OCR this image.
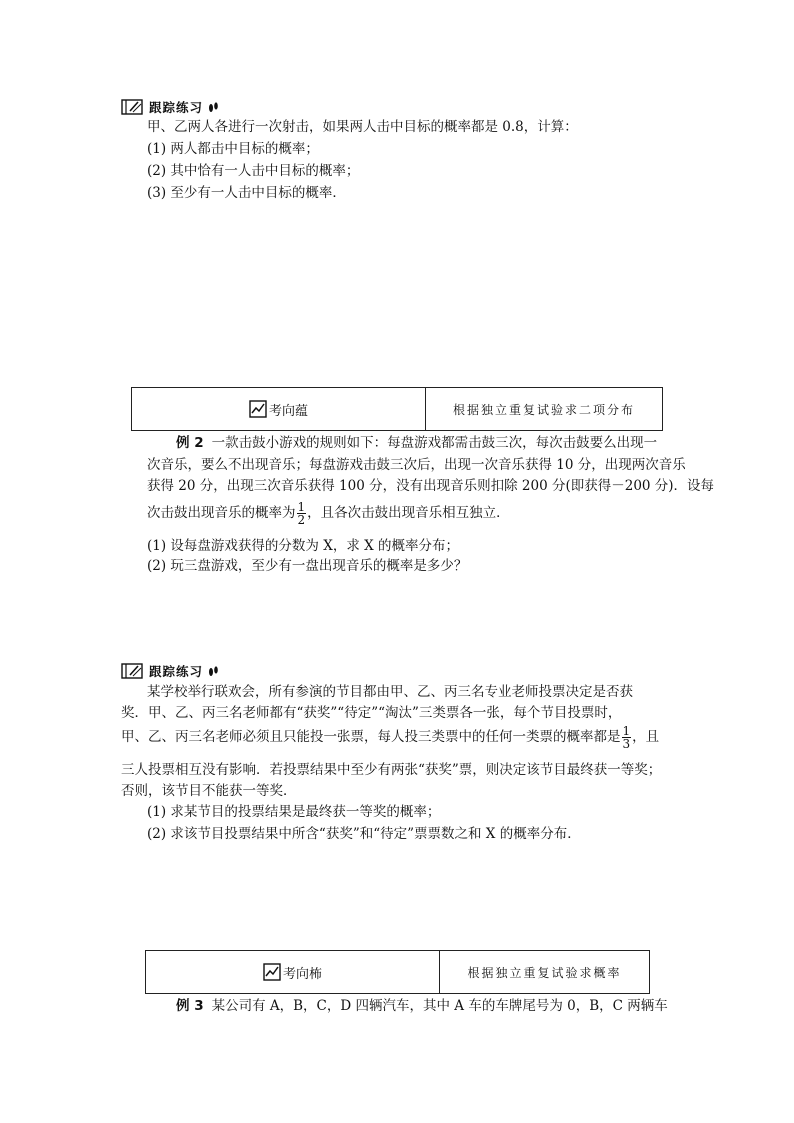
跟踪练习
甲、乙两人各进行一次射击，如果两人击中目标的概率都是 0.8，计算：
(1) 两人都击中目标的概率；
(2) 其中恰有一人击中目标的概率；
(3) 至少有一人击中目标的概率．
考向蕴	根据独立重复试验求二项分布
例 2 一款击鼓小游戏的规则如下：每盘游戏都需击鼓三次，每次击鼓要么出现一
次音乐，要么不出现音乐；每盘游戏击鼓三次后，出现一次音乐获得 10 分，出现两次音乐
获得 20 分，出现三次音乐获得 100 分，没有出现音乐则扣除 200 分(即获得－200 分)．设每
次击鼓出现音乐的概率为 $\frac{1}{2}$ ，且各次击鼓出现音乐相互独立．
(1) 设每盘游戏获得的分数为 X，求 X 的概率分布；
(2) 玩三盘游戏，至少有一盘出现音乐的概率是多少？
跟踪练习
某学校举行联欢会，所有参演的节目都由甲、乙、丙三名专业老师投票决定是否获
奖．甲、乙、丙三名老师都有“获奖”“待定”“淘汰”三类票各一张，每个节目投票时，
甲、乙、丙三名老师必须且只能投一张票，每人投三类票中的任何一类票的概率都是 $\frac{1}{3}$ ，且
三人投票相互没有影响．若投票结果中至少有两张“获奖”票，则决定该节目最终获一等奖；
否则，该节目不能获一等奖．
(1) 求某节目的投票结果是最终获一等奖的概率；
(2) 求该节目投票结果中所含“获奖”和“待定”票票数之和 X 的概率分布．
考向柨	根据独立重复试验求概率
例 3 某公司有 A，B，C，D 四辆汽车，其中 A 车的车牌尾号为 0，B，C 两辆车
